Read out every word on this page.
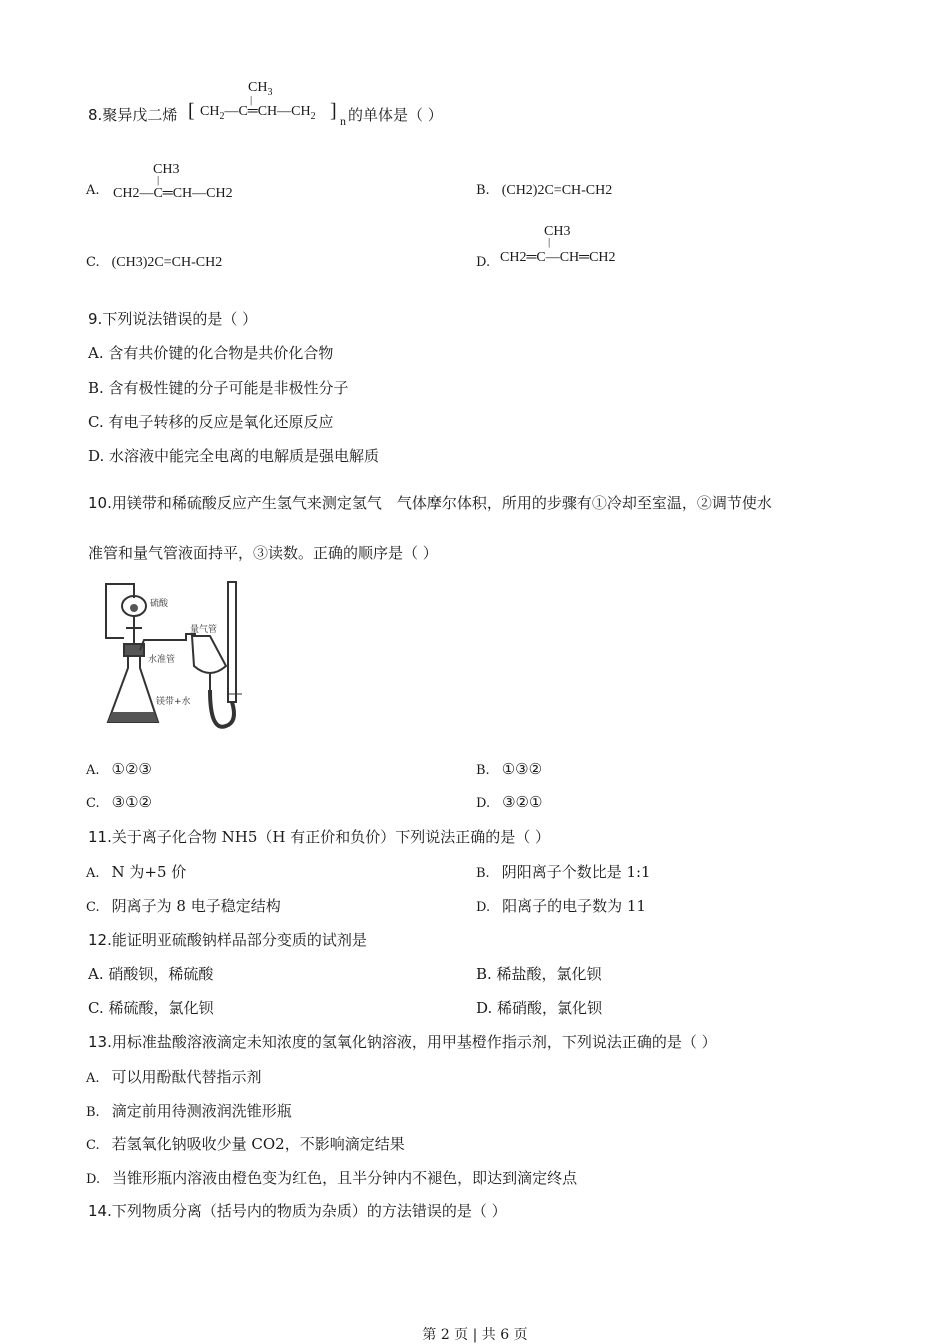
8.聚异戊二烯
$CH_3$
|
[ $CH_2—C═CH—CH_2$ ] n 的单体是（ ）
A.
CH3
|
CH2—C═CH—CH2	B. (CH2)2C=CH-CH2
C. (CH3)2C=CH-CH2	D.
CH3
|
CH2═C—CH═CH2
9.下列说法错误的是（ ）
A. 含有共价键的化合物是共价化合物
B. 含有极性键的分子可能是非极性分子
C. 有电子转移的反应是氧化还原反应
D. 水溶液中能完全电离的电解质是强电解质
10.用镁带和稀硫酸反应产生氢气来测定氢气　气体摩尔体积，所用的步骤有①冷却至室温，②调节使水
准管和量气管液面持平，③读数。正确的顺序是（ ）
硫酸
量气管
水准管
镁带+水
A. ①②③	B. ①③②
C. ③①②	D. ③②①
11.关于离子化合物 NH5（H 有正价和负价）下列说法正确的是（ ）
A. N 为+5 价	B. 阴阳离子个数比是 1:1
C. 阴离子为 8 电子稳定结构	D. 阳离子的电子数为 11
12.能证明亚硫酸钠样品部分变质的试剂是
A. 硝酸钡，稀硫酸	B. 稀盐酸，氯化钡
C. 稀硫酸，氯化钡	D. 稀硝酸，氯化钡
13.用标准盐酸溶液滴定未知浓度的氢氧化钠溶液，用甲基橙作指示剂，下列说法正确的是（ ）
A. 可以用酚酞代替指示剂
B. 滴定前用待测液润洗锥形瓶
C. 若氢氧化钠吸收少量 CO2，不影响滴定结果
D. 当锥形瓶内溶液由橙色变为红色，且半分钟内不褪色，即达到滴定终点
14.下列物质分离（括号内的物质为杂质）的方法错误的是（ ）
第 2 页 | 共 6 页
